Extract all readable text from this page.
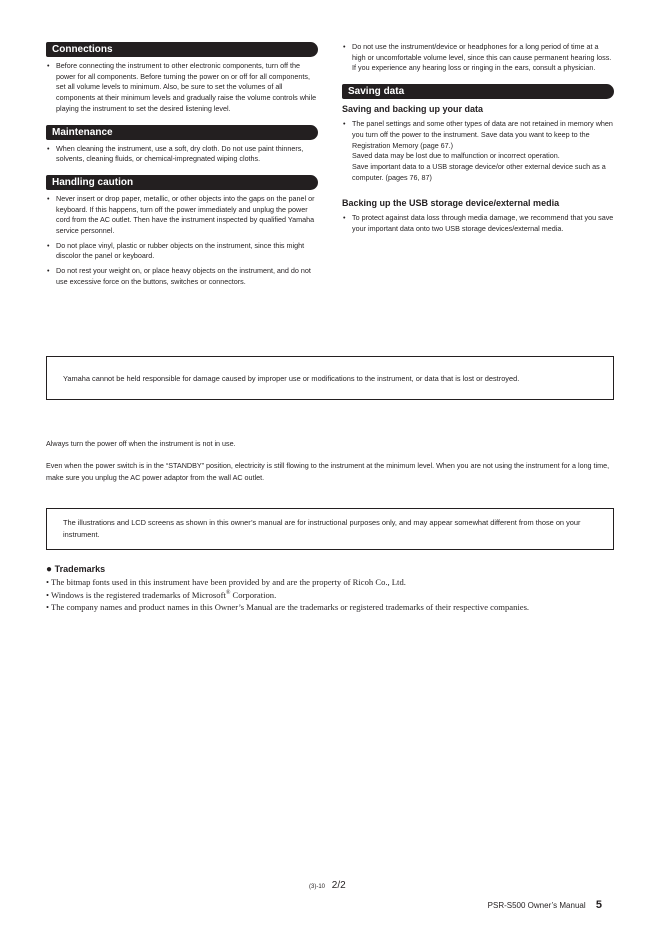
Connections
• Before connecting the instrument to other electronic components, turn off the power for all components. Before turning the power on or off for all components, set all volume levels to minimum. Also, be sure to set the volumes of all components at their minimum levels and gradually raise the volume controls while playing the instrument to set the desired listening level.
Maintenance
• When cleaning the instrument, use a soft, dry cloth. Do not use paint thinners, solvents, cleaning fluids, or chemical-impregnated wiping cloths.
Handling caution
• Never insert or drop paper, metallic, or other objects into the gaps on the panel or keyboard. If this happens, turn off the power immediately and unplug the power cord from the AC outlet. Then have the instrument inspected by qualified Yamaha service personnel.
• Do not place vinyl, plastic or rubber objects on the instrument, since this might discolor the panel or keyboard.
• Do not rest your weight on, or place heavy objects on the instrument, and do not use excessive force on the buttons, switches or connectors.
• Do not use the instrument/device or headphones for a long period of time at a high or uncomfortable volume level, since this can cause permanent hearing loss. If you experience any hearing loss or ringing in the ears, consult a physician.
Saving data
Saving and backing up your data
• The panel settings and some other types of data are not retained in memory when you turn off the power to the instrument. Save data you want to keep to the Registration Memory (page 67.)
Saved data may be lost due to malfunction or incorrect operation.
Save important data to a USB storage device/or other external device such as a computer. (pages 76, 87)
Backing up the USB storage device/external media
• To protect against data loss through media damage, we recommend that you save your important data onto two USB storage devices/external media.
Yamaha cannot be held responsible for damage caused by improper use or modifications to the instrument, or data that is lost or destroyed.
Always turn the power off when the instrument is not in use.
Even when the power switch is in the “STANDBY” position, electricity is still flowing to the instrument at the minimum level. When you are not using the instrument for a long time, make sure you unplug the AC power adaptor from the wall AC outlet.
The illustrations and LCD screens as shown in this owner’s manual are for instructional purposes only, and may appear somewhat different from those on your instrument.
● Trademarks
• The bitmap fonts used in this instrument have been provided by and are the property of Ricoh Co., Ltd.
• Windows is the registered trademarks of Microsoft® Corporation.
• The company names and product names in this Owner’s Manual are the trademarks or registered trademarks of their respective companies.
(3)-10 2/2
PSR-S500 Owner’s Manual 5
